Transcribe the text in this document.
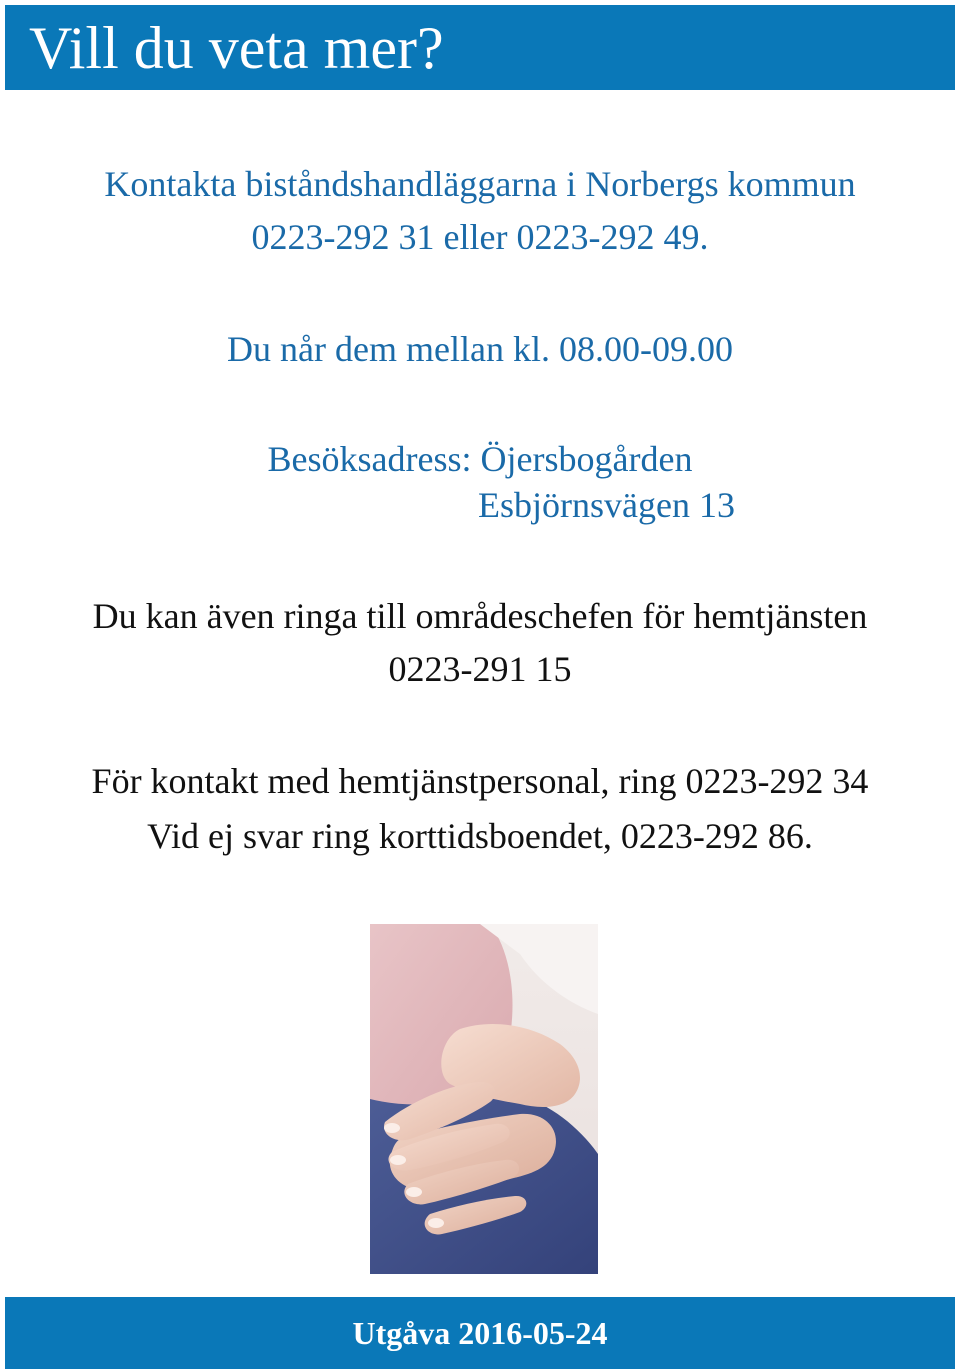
Vill du veta mer?

Kontakta biståndshandläggarna i Norbergs kommun

0223-292 31 eller 0223-292 49.

Du når dem mellan kl. 08.00-09.00

Besöksadress: Öjersbogården

Esbjörnsvägen 13

Du kan även ringa till områdeschefen för hemtjänsten

0223-291 15

För kontakt med hemtjänstpersonal, ring 0223-292 34

Vid ej svar ring korttidsboendet, 0223-292 86.

Utgåva 2016-05-24
